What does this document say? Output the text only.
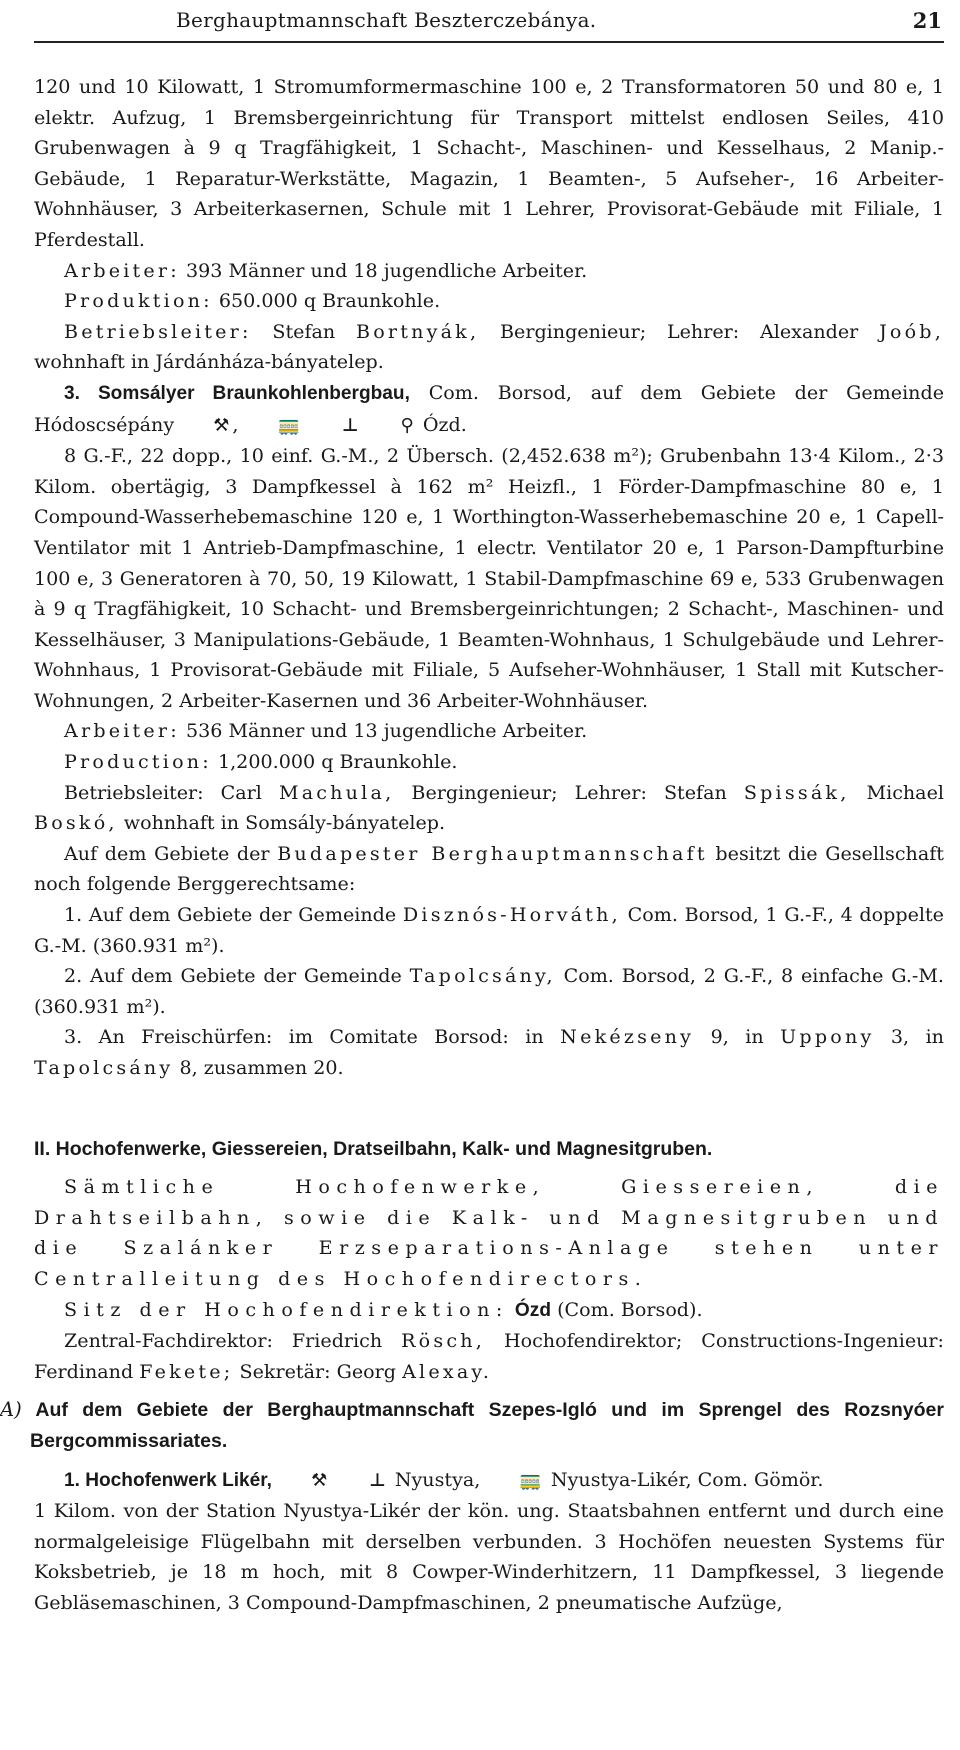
Berghauptmannschaft Beszterczebánya.	21

120 und 10 Kilowatt, 1 Stromumformermaschine 100 e, 2 Transformatoren 50 und 80 e, 1 elektr. Aufzug, 1 Bremsbergeinrichtung für Transport mittelst endlosen Seiles, 410 Grubenwagen à 9 q Tragfähigkeit, 1 Schacht-, Maschinen- und Kesselhaus, 2 Manip.-Gebäude, 1 Reparatur-Werkstätte, Magazin, 1 Beamten-, 5 Aufseher-, 16 Arbeiter-Wohnhäuser, 3 Arbeiterkasernen, Schule mit 1 Lehrer, Provisorat-Gebäude mit Filiale, 1 Pferdestall.

Arbeiter: 393 Männer und 18 jugendliche Arbeiter.

Produktion: 650.000 q Braunkohle.

Betriebsleiter: Stefan Bortnyák, Bergingenieur; Lehrer: Alexander Joób, wohnhaft in Járdánháza-bányatelep.

3. Somsályer Braunkohlenbergbau, Com. Borsod, auf dem Gebiete der Gemeinde Hódoscsépány ⚒ , 🚃 ⊥ ⚲ Ózd.

8 G.-F., 22 dopp., 10 einf. G.-M., 2 Übersch. (2,452.638 m²); Grubenbahn 13·4 Kilom., 2·3 Kilom. obertägig, 3 Dampfkessel à 162 m² Heizfl., 1 Förder-Dampfmaschine 80 e, 1 Compound-Wasserhebemaschine 120 e, 1 Worthington-Wasserhebemaschine 20 e, 1 Capell-Ventilator mit 1 Antrieb-Dampfmaschine, 1 electr. Ventilator 20 e, 1 Parson-Dampfturbine 100 e, 3 Generatoren à 70, 50, 19 Kilowatt, 1 Stabil-Dampfmaschine 69 e, 533 Grubenwagen à 9 q Tragfähigkeit, 10 Schacht- und Bremsbergeinrichtungen; 2 Schacht-, Maschinen- und Kesselhäuser, 3 Manipulations-Gebäude, 1 Beamten-Wohnhaus, 1 Schulgebäude und Lehrer-Wohnhaus, 1 Provisorat-Gebäude mit Filiale, 5 Aufseher-Wohnhäuser, 1 Stall mit Kutscher-Wohnungen, 2 Arbeiter-Kasernen und 36 Arbeiter-Wohnhäuser.

Arbeiter: 536 Männer und 13 jugendliche Arbeiter.

Production: 1,200.000 q Braunkohle.

Betriebsleiter: Carl Machula, Bergingenieur; Lehrer: Stefan Spissák, Michael Boskó, wohnhaft in Somsály-bányatelep.

Auf dem Gebiete der Budapester Berghauptmannschaft besitzt die Gesellschaft noch folgende Berggerechtsame:

1. Auf dem Gebiete der Gemeinde Disznós-Horváth, Com. Borsod, 1 G.-F., 4 doppelte G.-M. (360.931 m²).

2. Auf dem Gebiete der Gemeinde Tapolcsány, Com. Borsod, 2 G.-F., 8 einfache G.-M. (360.931 m²).

3. An Freischürfen: im Comitate Borsod: in Nekézseny 9, in Uppony 3, in Tapolcsány 8, zusammen 20.

II. Hochofenwerke, Giessereien, Dratseilbahn, Kalk- und Magnesitgruben.

Sämtliche Hochofenwerke, Giessereien, die Drahtseilbahn, sowie die Kalk- und Magnesitgruben und die Szalánker Erzseparations-Anlage stehen unter Centralleitung des Hochofendirectors.

Sitz der Hochofendirektion: Ózd (Com. Borsod).

Zentral-Fachdirektor: Friedrich Rösch, Hochofendirektor; Constructions-Ingenieur: Ferdinand Fekete; Sekretär: Georg Alexay.

A) Auf dem Gebiete der Berghauptmannschaft Szepes-Igló und im Sprengel des Rozsnyóer Bergcommissariates.

1. Hochofenwerk Likér, ⚒ ⊥ Nyustya, 🚃 Nyustya-Likér, Com. Gömör.

1 Kilom. von der Station Nyustya-Likér der kön. ung. Staatsbahnen entfernt und durch eine normalgeleisige Flügelbahn mit derselben verbunden. 3 Hochöfen neuesten Systems für Koksbetrieb, je 18 m hoch, mit 8 Cowper-Winderhitzern, 11 Dampfkessel, 3 liegende Gebläsemaschinen, 3 Compound-Dampfmaschinen, 2 pneumatische Aufzüge,
